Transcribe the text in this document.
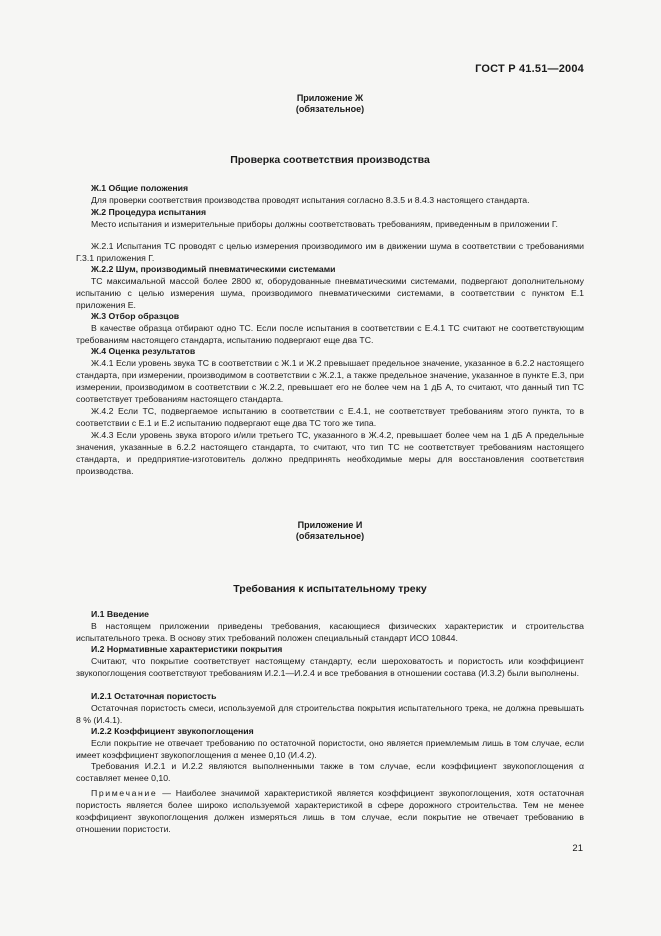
ГОСТ Р 41.51—2004
Приложение Ж
(обязательное)
Проверка соответствия производства

Ж.1 Общие положения

Для проверки соответствия производства проводят испытания согласно 8.3.5 и 8.4.3 настоящего стандарта.

Ж.2 Процедура испытания

Место испытания и измерительные приборы должны соответствовать требованиям, приведенным в приложении Г.

Ж.2.1 Испытания ТС проводят с целью измерения производимого им в движении шума в соответствии с требованиями Г.3.1 приложения Г.

Ж.2.2 Шум, производимый пневматическими системами

ТС максимальной массой более 2800 кг, оборудованные пневматическими системами, подвергают дополнительному испытанию с целью измерения шума, производимого пневматическими системами, в соответствии с пунктом Е.1 приложения Е.

Ж.3 Отбор образцов

В качестве образца отбирают одно ТС. Если после испытания в соответствии с Е.4.1 ТС считают не соответствующим требованиям настоящего стандарта, испытанию подвергают еще два ТС.

Ж.4 Оценка результатов

Ж.4.1 Если уровень звука ТС в соответствии с Ж.1 и Ж.2 превышает предельное значение, указанное в 6.2.2 настоящего стандарта, при измерении, производимом в соответствии с Ж.2.1, а также предельное значение, указанное в пункте Е.3, при измерении, производимом в соответствии с Ж.2.2, превышает его не более чем на 1 дБ А, то считают, что данный тип ТС соответствует требованиям настоящего стандарта.

Ж.4.2 Если ТС, подвергаемое испытанию в соответствии с Е.4.1, не соответствует требованиям этого пункта, то в соответствии с Е.1 и Е.2 испытанию подвергают еще два ТС того же типа.

Ж.4.3 Если уровень звука второго и/или третьего ТС, указанного в Ж.4.2, превышает более чем на 1 дБ А предельные значения, указанные в 6.2.2 настоящего стандарта, то считают, что тип ТС не соответствует требованиям настоящего стандарта, и предприятие-изготовитель должно предпринять необходимые меры для восстановления соответствия производства.

Приложение И
(обязательное)
Требования к испытательному треку

И.1 Введение

В настоящем приложении приведены требования, касающиеся физических характеристик и строительства испытательного трека. В основу этих требований положен специальный стандарт ИСО 10844.

И.2 Нормативные характеристики покрытия

Считают, что покрытие соответствует настоящему стандарту, если шероховатость и пористость или коэффициент звукопоглощения соответствуют требованиям И.2.1—И.2.4 и все требования в отношении состава (И.3.2) были выполнены.

И.2.1 Остаточная пористость

Остаточная пористость смеси, используемой для строительства покрытия испытательного трека, не должна превышать 8 % (И.4.1).

И.2.2 Коэффициент звукопоглощения

Если покрытие не отвечает требованию по остаточной пористости, оно является приемлемым лишь в том случае, если имеет коэффициент звукопоглощения α менее 0,10 (И.4.2).

Требования И.2.1 и И.2.2 являются выполненными также в том случае, если коэффициент звукопоглощения α составляет менее 0,10.

Примечание — Наиболее значимой характеристикой является коэффициент звукопоглощения, хотя остаточная пористость является более широко используемой характеристикой в сфере дорожного строительства. Тем не менее коэффициент звукопоглощения должен измеряться лишь в том случае, если покрытие не отвечает требованию в отношении пористости.

21
